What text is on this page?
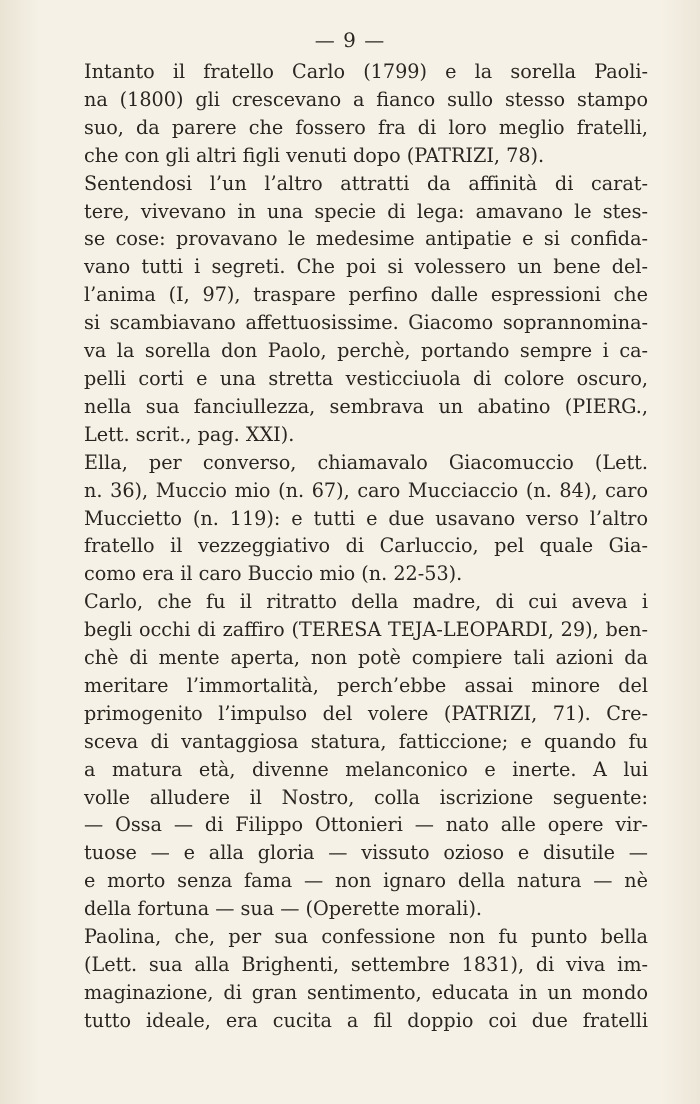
— 9 —

Intanto il fratello Carlo (1799) e la sorella Paoli-
na (1800) gli crescevano a fianco sullo stesso stampo
suo, da parere che fossero fra di loro meglio fratelli,
che con gli altri figli venuti dopo (PATRIZI, 78).

Sentendosi l’un l’altro attratti da affinità di carat-
tere, vivevano in una specie di lega: amavano le stes-
se cose: provavano le medesime antipatie e si confida-
vano tutti i segreti. Che poi si volessero un bene del-
l’anima (I, 97), traspare perfino dalle espressioni che
si scambiavano affettuosissime. Giacomo soprannomina-
va la sorella don Paolo, perchè, portando sempre i ca-
pelli corti e una stretta vesticciuola di colore oscuro,
nella sua fanciullezza, sembrava un abatino (PIERG.,
Lett. scrit., pag. XXI).

Ella, per converso, chiamavalo Giacomuccio (Lett.
n. 36), Muccio mio (n. 67), caro Mucciaccio (n. 84), caro
Muccietto (n. 119): e tutti e due usavano verso l’altro
fratello il vezzeggiativo di Carluccio, pel quale Gia-
como era il caro Buccio mio (n. 22-53).

Carlo, che fu il ritratto della madre, di cui aveva i
begli occhi di zaffiro (TERESA TEJA-LEOPARDI, 29), ben-
chè di mente aperta, non potè compiere tali azioni da
meritare l’immortalità, perch’ebbe assai minore del
primogenito l’impulso del volere (PATRIZI, 71). Cre-
sceva di vantaggiosa statura, fatticcione; e quando fu
a matura età, divenne melanconico e inerte. A lui
volle alludere il Nostro, colla iscrizione seguente:
— Ossa — di Filippo Ottonieri — nato alle opere vir-
tuose — e alla gloria — vissuto ozioso e disutile —
e morto senza fama — non ignaro della natura — nè
della fortuna — sua — (Operette morali).

Paolina, che, per sua confessione non fu punto bella
(Lett. sua alla Brighenti, settembre 1831), di viva im-
maginazione, di gran sentimento, educata in un mondo
tutto ideale, era cucita a fil doppio coi due fratelli
